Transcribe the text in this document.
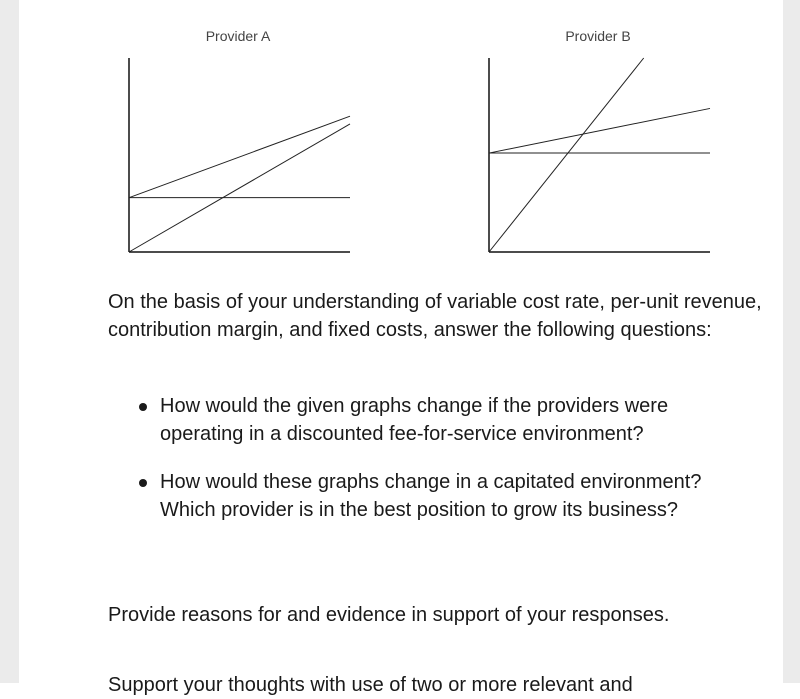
Provider A	Provider B

On the basis of your understanding of variable cost rate, per-unit revenue, contribution margin, and fixed costs, answer the following questions:

How would the given graphs change if the providers were operating in a discounted fee-for-service environment?
How would these graphs change in a capitated environment? Which provider is in the best position to grow its business?

Provide reasons for and evidence in support of your responses.

Support your thoughts with use of two or more relevant and
